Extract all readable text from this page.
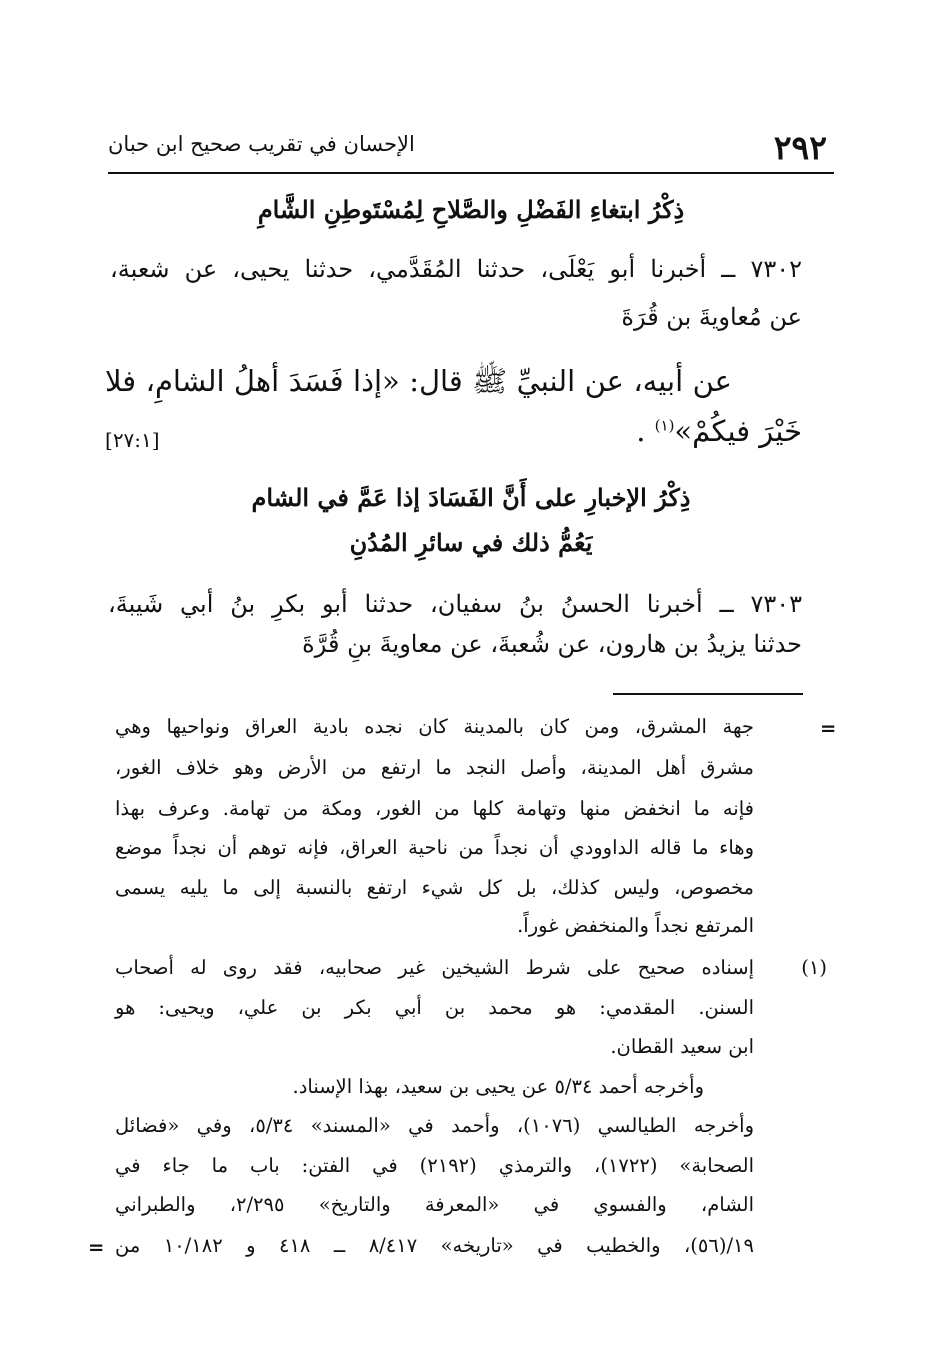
٢٩٢
الإحسان في تقريب صحيح ابن حبان
ذِكْرُ ابتغاءِ الفَضْلِ والصَّلاحِ لِمُسْتَوطِنِ الشَّامِ
٧٣٠٢ ــ أخبرنا أبو يَعْلَى، حدثنا المُقَدَّمي، حدثنا يحيى، عن شعبة،
عن مُعاويةَ بن قُرَةَ
عن أبيه، عن النبيِّ ﷺ قال: «إذا فَسَدَ أهلُ الشامِ، فلا
خَيْرَ فيكُمْ»$^{(١)}$ .
[٢٧:١]
ذِكْرُ الإخبارِ على أَنَّ الفَسَادَ إذا عَمَّ في الشام
يَعُمُّ ذلك في سائرِ المُدُنِ
٧٣٠٣ ــ أخبرنا الحسنُ بنُ سفيان، حدثنا أبو بكرِ بنُ أبي شَيبةَ،
حدثنا يزيدُ بن هارون، عن شُعبةَ، عن معاويةَ بنِ قُرَّةَ
=
جهة المشرق، ومن كان بالمدينة كان نجده بادية العراق ونواحيها وهي
مشرق أهل المدينة، وأصل النجد ما ارتفع من الأرض وهو خلاف الغور،
فإنه ما انخفض منها وتهامة كلها من الغور، ومكة من تهامة. وعرف بهذا
وهاء ما قاله الداوودي أن نجداً من ناحية العراق، فإنه توهم أن نجداً موضع
مخصوص، وليس كذلك، بل كل شيء ارتفع بالنسبة إلى ما يليه يسمى
المرتفع نجداً والمنخفض غوراً.
(١)
إسناده صحيح على شرط الشيخين غير صحابيه، فقد روى له أصحاب
السنن. المقدمي: هو محمد بن أبي بكر بن علي، ويحيى: هو
ابن سعيد القطان.
وأخرجه أحمد ٥/٣٤ عن يحيى بن سعيد، بهذا الإسناد.
وأخرجه الطيالسي (١٠٧٦)، وأحمد في «المسند» ٥/٣٤، وفي «فضائل
الصحابة» (١٧٢٢)، والترمذي (٢١٩٢) في الفتن: باب ما جاء في
الشام، والفسوي في «المعرفة والتاريخ» ٢/٢٩٥، والطبراني
١٩/(٥٦)، والخطيب في «تاريخه» ٨/٤١٧ ــ ٤١٨ و ١٠/١٨٢ من
=
